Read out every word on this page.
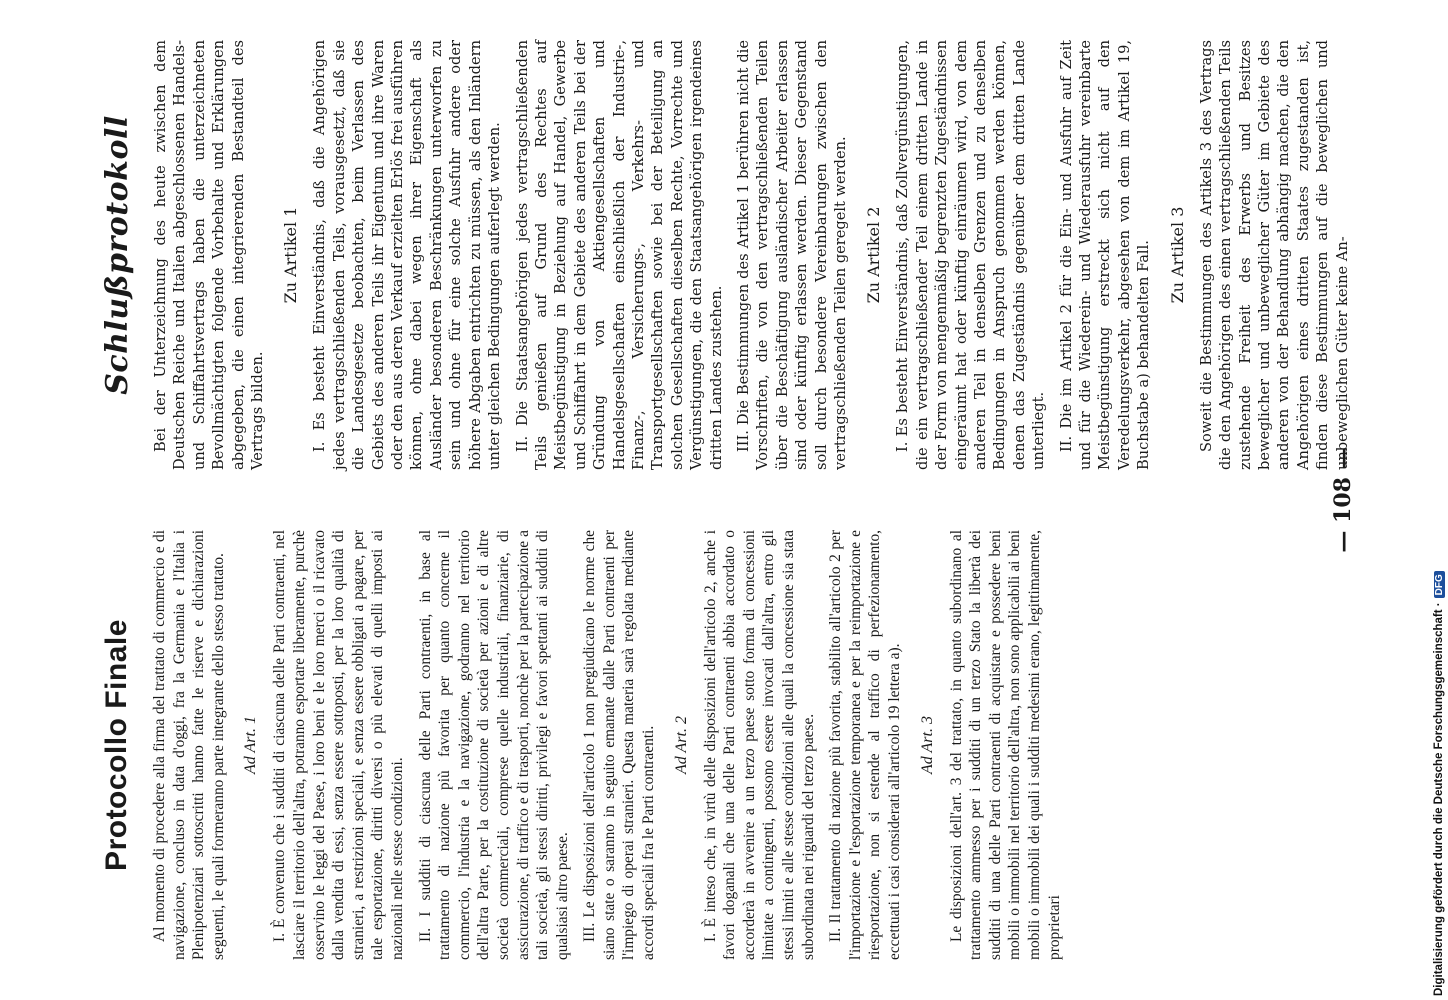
— 108 —
Schlußprotokoll Bei der Unterzeichnung des heute zwischen dem Deutschen Reiche und Italien abgeschlossenen Handels- und Schiffahrtsvertrags haben die unterzeichneten Bevollmächtigten folgende Vorbehalte und Erklärungen abgegeben, die einen integrierenden Bestandteil des Vertrags bilden.

Zu Artikel 1 I. Es besteht Einverständnis, daß die Angehörigen jedes vertragschließenden Teils, vorausgesetzt, daß sie die Landesgesetze beobachten, beim Verlassen des Gebiets des anderen Teils ihr Eigentum und ihre Waren oder den aus deren Verkauf erzielten Erlös frei ausführen können, ohne dabei wegen ihrer Eigenschaft als Ausländer besonderen Beschränkungen unterworfen zu sein und ohne für eine solche Ausfuhr andere oder höhere Abgaben entrichten zu müssen, als den Inländern unter gleichen Bedingungen auferlegt werden. II. Die Staatsangehörigen jedes vertragschließenden Teils genießen auf Grund des Rechtes auf Meistbegünstigung in Beziehung auf Handel, Gewerbe und Schiffahrt in dem Gebiete des anderen Teils bei der Gründung von Aktiengesellschaften und Handelsgesellschaften einschließlich der Industrie-, Finanz-, Versicherungs-, Verkehrs- und Transportgesellschaften sowie bei der Beteiligung an solchen Gesellschaften dieselben Rechte, Vorrechte und Vergünstigungen, die den Staatsangehörigen irgendeines dritten Landes zustehen. III. Die Bestimmungen des Artikel 1 berühren nicht die Vorschriften, die von den vertragschließenden Teilen über die Beschäftigung ausländischer Arbeiter erlassen sind oder künftig erlassen werden. Dieser Gegenstand soll durch besondere Vereinbarungen zwischen den vertragschließenden Teilen geregelt werden. Zu Artikel 2 I. Es besteht Einverständnis, daß Zollvergünstigungen, die ein vertragschließender Teil einem dritten Lande in der Form von mengenmäßig begrenzten Zugeständnissen eingeräumt hat oder künftig einräumen wird, von dem anderen Teil in denselben Grenzen und zu denselben Bedingungen in Anspruch genommen werden können, denen das Zugeständnis gegenüber dem dritten Lande unterliegt. II. Die im Artikel 2 für die Ein- und Ausfuhr auf Zeit und für die Wiederein- und Wiederausfuhr vereinbarte Meistbegünstigung erstreckt sich nicht auf den Veredelungsverkehr, abgesehen von dem im Artikel 19, Buchstabe a) behandelten Fall. Zu Artikel 3 Soweit die Bestimmungen des Artikels 3 des Vertrags die den Angehörigen des einen vertragschließenden Teils zustehende Freiheit des Erwerbs und Besitzes beweglicher und unbeweglicher Güter im Gebiete des anderen von der Behandlung abhängig machen, die den Angehörigen eines dritten Staates zugestanden ist, finden diese Bestimmungen auf die beweglichen und unbeweglichen Güter keine An-

Protocollo Finale Al momento di procedere alla firma del trattato di commercio e di navigazione, concluso in data d'oggi, fra la Germania e l'Italia i Plenipotenziari sottoscritti hanno fatte le riserve e dichiarazioni seguenti, le quali formeranno parte integrante dello stesso trattato. Ad Art. 1 I. È convenuto che i sudditi di ciascuna delle Parti contraenti, nel lasciare il territorio dell'altra, potranno esportare liberamente, purchè osservino le leggi del Paese, i loro beni e le loro merci o il ricavato dalla vendita di essi, senza essere sottoposti, per la loro qualità di stranieri, a restrizioni speciali, e senza essere obbligati a pagare, per tale esportazione, diritti diversi o più elevati di quelli imposti ai nazionali nelle stesse condizioni. II. I sudditi di ciascuna delle Parti contraenti, in base al trattamento di nazione più favorita per quanto concerne il commercio, l'industria e la navigazione, godranno nel territorio dell'altra Parte, per la costituzione di società per azioni e di altre società commerciali, comprese quelle industriali, finanziarie, di assicurazione, di traffico e di trasporti, nonchè per la partecipazione a tali società, gli stessi diritti, privilegi e favori spettanti ai sudditi di qualsiasi altro paese. III. Le disposizioni dell'articolo 1 non pregiudicano le norme che siano state o saranno in seguito emanate dalle Parti contraenti per l'impiego di operai stranieri. Questa materia sarà regolata mediante accordi speciali fra le Parti contraenti. Ad Art. 2 I. È inteso che, in virtù delle disposizioni dell'articolo 2, anche i favori doganali che una delle Parti contraenti abbia accordato o accorderà in avvenire a un terzo paese sotto forma di concessioni limitate a contingenti, possono essere invocati dall'altra, entro gli stessi limiti e alle stesse condizioni alle quali la concessione sia stata subordinata nei riguardi del terzo paese. II. Il trattamento di nazione più favorita, stabilito all'articolo 2 per l'importazione e l'esportazione temporanea e per la reimportazione e riesportazione, non si estende al traffico di perfezionamento, eccettuati i casi considerati all'articolo 19 lettera a). Ad Art. 3 Le disposizioni dell'art. 3 del trattato, in quanto subordinano al trattamento ammesso per i sudditi di un terzo Stato la libertà dei sudditi di una delle Parti contraenti di acquistare e possedere beni mobili o immobili nel territorio dell'altra, non sono applicabili ai beni mobili o immobili dei quali i sudditi medesimi erano, legittimamente, proprietari	Digitalisierung gefördert durch die Deutsche Forschungsgemeinschaft ·
DFG
